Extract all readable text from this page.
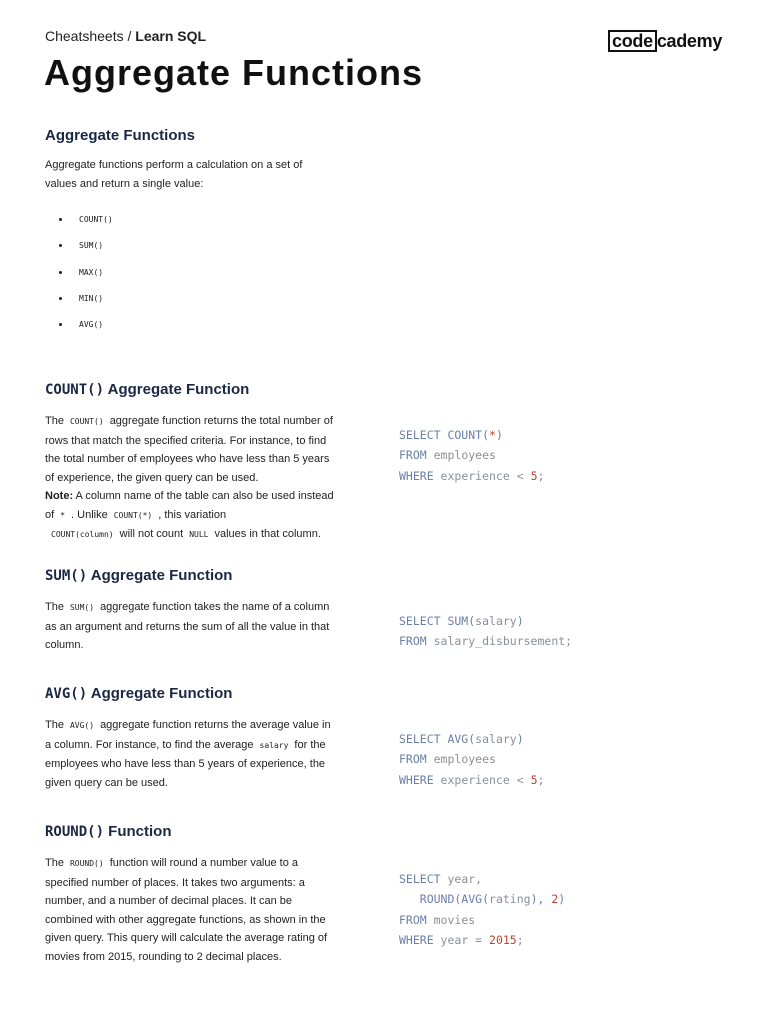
Cheatsheets / Learn SQL	code cademy
Aggregate Functions
Aggregate Functions

Aggregate functions perform a calculation on a set of values and return a single value:

COUNT()
SUM()
MAX()
MIN()
AVG()
COUNT() Aggregate Function

The COUNT() aggregate function returns the total number of rows that match the specified criteria. For instance, to find the total number of employees who have less than 5 years of experience, the given query can be used.
Note: A column name of the table can also be used instead of * . Unlike COUNT(*) , this variation
COUNT(column) will not count NULL values in that column.

SELECT COUNT(*)
FROM employees
WHERE experience < 5;
SUM() Aggregate Function

The SUM() aggregate function takes the name of a column as an argument and returns the sum of all the value in that column.

SELECT SUM(salary)
FROM salary_disbursement;
AVG() Aggregate Function

The AVG() aggregate function returns the average value in a column. For instance, to find the average salary for the employees who have less than 5 years of experience, the given query can be used.

SELECT AVG(salary)
FROM employees
WHERE experience < 5;
ROUND() Function

The ROUND() function will round a number value to a specified number of places. It takes two arguments: a number, and a number of decimal places. It can be combined with other aggregate functions, as shown in the given query. This query will calculate the average rating of movies from 2015, rounding to 2 decimal places.

SELECT year,
ROUND(AVG(rating), 2)
FROM movies
WHERE year = 2015;
